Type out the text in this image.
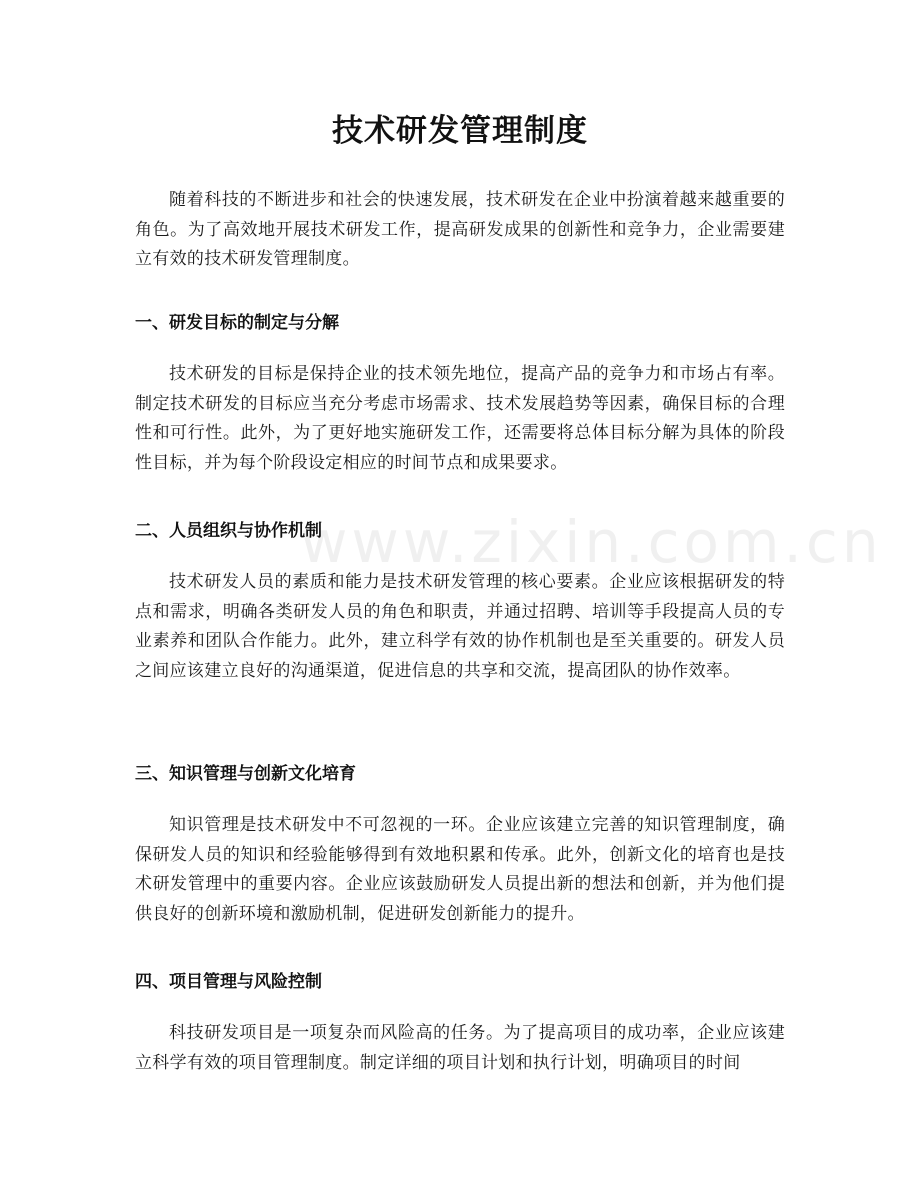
www.zixin.com.cn
技术研发管理制度

随着科技的不断进步和社会的快速发展，技术研发在企业中扮演着越来越重要的角色。为了高效地开展技术研发工作，提高研发成果的创新性和竞争力，企业需要建立有效的技术研发管理制度。

一、研发目标的制定与分解

技术研发的目标是保持企业的技术领先地位，提高产品的竞争力和市场占有率。制定技术研发的目标应当充分考虑市场需求、技术发展趋势等因素，确保目标的合理性和可行性。此外，为了更好地实施研发工作，还需要将总体目标分解为具体的阶段性目标，并为每个阶段设定相应的时间节点和成果要求。

二、人员组织与协作机制

技术研发人员的素质和能力是技术研发管理的核心要素。企业应该根据研发的特点和需求，明确各类研发人员的角色和职责，并通过招聘、培训等手段提高人员的专业素养和团队合作能力。此外，建立科学有效的协作机制也是至关重要的。研发人员之间应该建立良好的沟通渠道，促进信息的共享和交流，提高团队的协作效率。

三、知识管理与创新文化培育

知识管理是技术研发中不可忽视的一环。企业应该建立完善的知识管理制度，确保研发人员的知识和经验能够得到有效地积累和传承。此外，创新文化的培育也是技术研发管理中的重要内容。企业应该鼓励研发人员提出新的想法和创新，并为他们提供良好的创新环境和激励机制，促进研发创新能力的提升。

四、项目管理与风险控制

科技研发项目是一项复杂而风险高的任务。为了提高项目的成功率，企业应该建立科学有效的项目管理制度。制定详细的项目计划和执行计划，明确项目的时间
